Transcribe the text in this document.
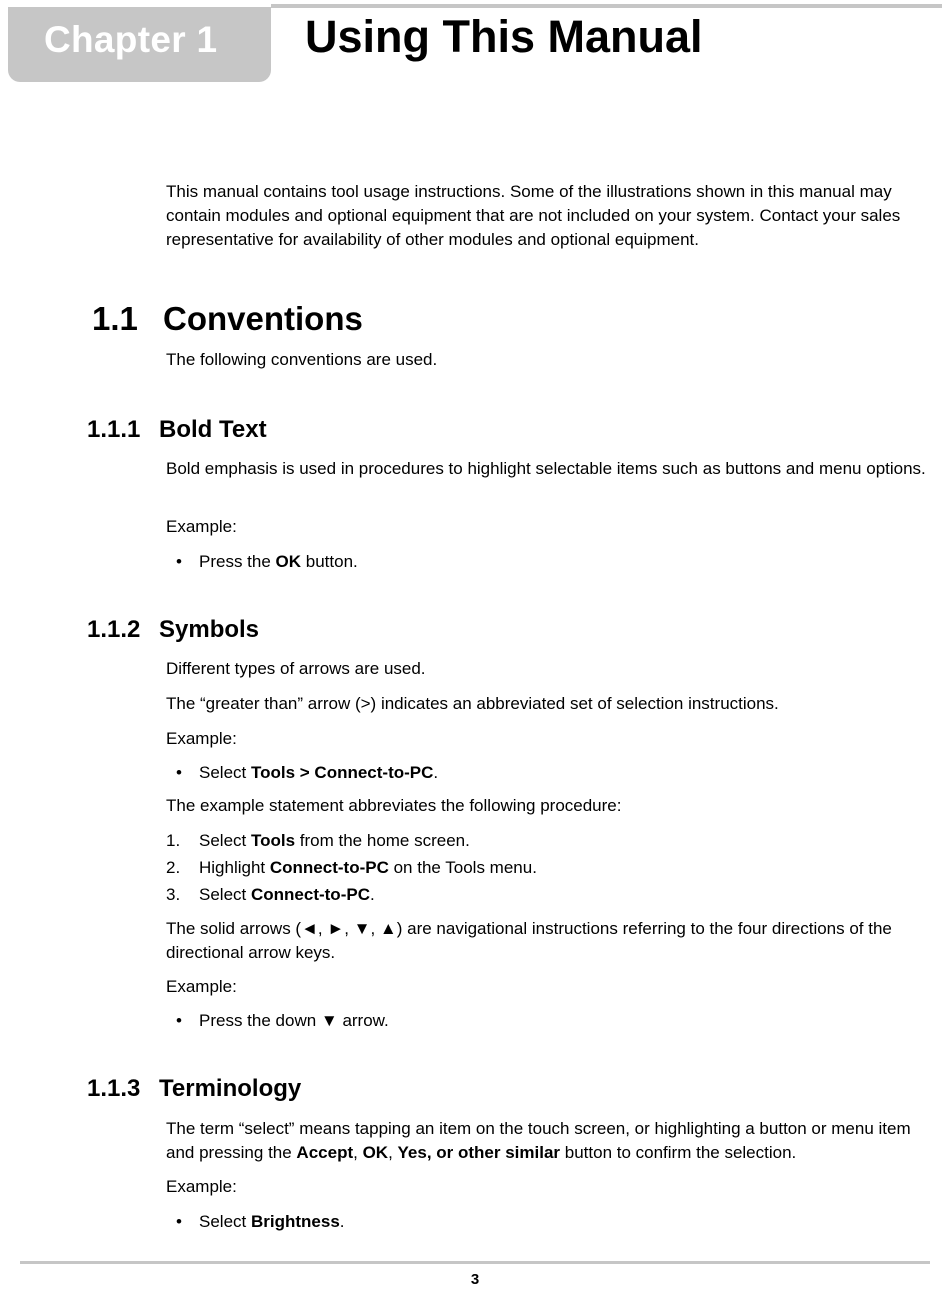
Chapter 1 Using This Manual

This manual contains tool usage instructions. Some of the illustrations shown in this manual may contain modules and optional equipment that are not included on your system. Contact your sales representative for availability of other modules and optional equipment.

1.1 Conventions

The following conventions are used.

1.1.1 Bold Text

Bold emphasis is used in procedures to highlight selectable items such as buttons and menu options.

Example:

• Press the OK button.

1.1.2 Symbols

Different types of arrows are used.

The “greater than” arrow (>) indicates an abbreviated set of selection instructions.

Example:

• Select Tools > Connect-to-PC.

The example statement abbreviates the following procedure:

1. Select Tools from the home screen.

2. Highlight Connect-to-PC on the Tools menu.

3. Select Connect-to-PC.

The solid arrows (◄, ►, ▼, ▲) are navigational instructions referring to the four directions of the directional arrow keys.

Example:

• Press the down ▼ arrow.

1.1.3 Terminology

The term “select” means tapping an item on the touch screen, or highlighting a button or menu item and pressing the Accept, OK, Yes, or other similar button to confirm the selection.

Example:

• Select Brightness.

3
